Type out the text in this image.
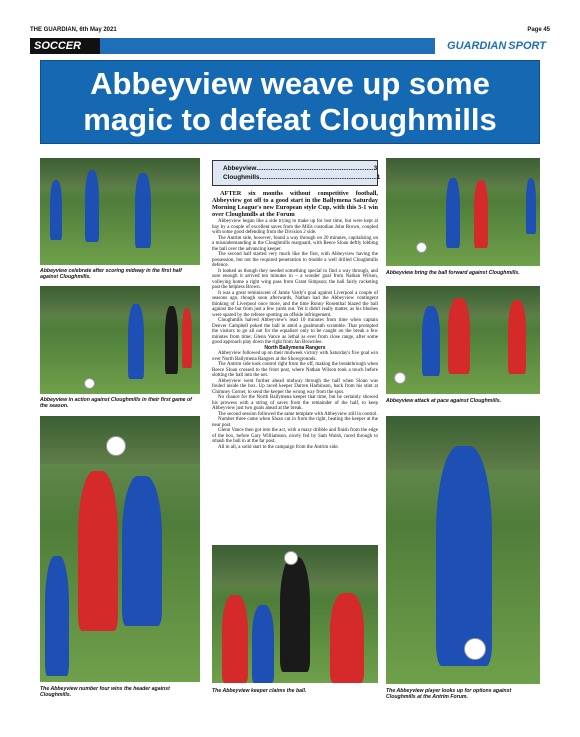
THE GUARDIAN, 6th May 2021	Page 45
SOCCER	GUARDIAN SPORT
Abbeyview weave up some magic to defeat Cloughmills
Abbeyview celebrate after scoring midway in the first half against Cloughmills.
Abbeyview in action against Cloughmills in their first game of the season.
The Abbeyview number four wins the header against Cloughmills.
Abbeyview .................................................................. 3
Cloughmills .................................................................. 1

AFTER six months without competitive football, Abbeyview got off to a good start in the Ballymena Saturday Morning League's new European style Cup, with this 3-1 win over Cloughmills at the Forum

Abbeyview began like a side trying to make up for lost time, but were kept at bay by a couple of excellent saves from the Mills custodian John Brown, coupled with some good defending from the Division 2 side.

The Antrim side, however, found a way through on 20 minutes, capitalising on a misunderstanding in the Cloughmills rearguard, with Reece Sloan deftly lobbing the ball over the advancing keeper.

The second half started very much like the first, with Abbeyview having the possession, but not the required penetration to trouble a well drilled Cloughmills defence.

It looked as though they needed something special to find a way through, and sure enough it arrived ten minutes in – a wonder goal from Nathan Wilson, volleying home a right wing pass from Grant Simpson; the ball fairly rocketing past the helpless Brown.

It was a great reminiscent of Jamie Vardy's goal against Liverpool a couple of seasons ago, though soon afterwards, Nathan had the Abbeyview contingent thinking of Liverpool once more, and the time Ronny Rosenthal blazed the ball against the bar from just a few yards out. Yet it didn't really matter, as his blushes were spared by the referee spotting an offside infringement.

Cloughmills halved Abbeyview's lead 10 minutes from time when captain Denver Campbell poked the ball in amid a goalmouth scramble. That prompted the visitors to go all out for the equaliser only to be caught on the break a few minutes from time; Glenn Vance as lethal as ever from close range, after some good approach play down the right from Jan Brownlee.

North Ballymena Rangers

Abbeyview followed up on their midweek victory with Saturday's five goal win over North Ballymena Rangers at the Showgrounds.

The Antrim side took control right from the off, making the breakthrough when Reece Sloan crossed to the front post, where Nathan Wilson took a touch before slotting the ball into the net.

Abbeyview went further ahead midway through the half when Sloan was fouled inside the box. Up raced keeper Darren Harbinson, back from his stint at Chimney Corner, to send the keeper the wrong way from the spot.

No chance for the North Ballymena keeper that time, but he certainly showed his prowess with a string of saves from the remainder of the half, to keep Abbeyview just two goals ahead at the break.

The second session followed the same template with Abbeyview still in control.

Number three came when Sloan cut in from the right, beating the keeper at the near post.

Glenn Vance then got into the act, with a mazy dribble and finish from the edge of the box, before Gary Williamson, nicely fed by Sam Walsh, raced through to smash the ball in at the far post.

All in all, a solid start to the campaign from the Antrim side.

The Abbeyview keeper claims the ball.
Abbeyview bring the ball forward against Cloughmills.
Abbeyview attack at pace against Cloughmills.
The Abbeyview player looks up for options against Cloughmills at the Antrim Forum.
